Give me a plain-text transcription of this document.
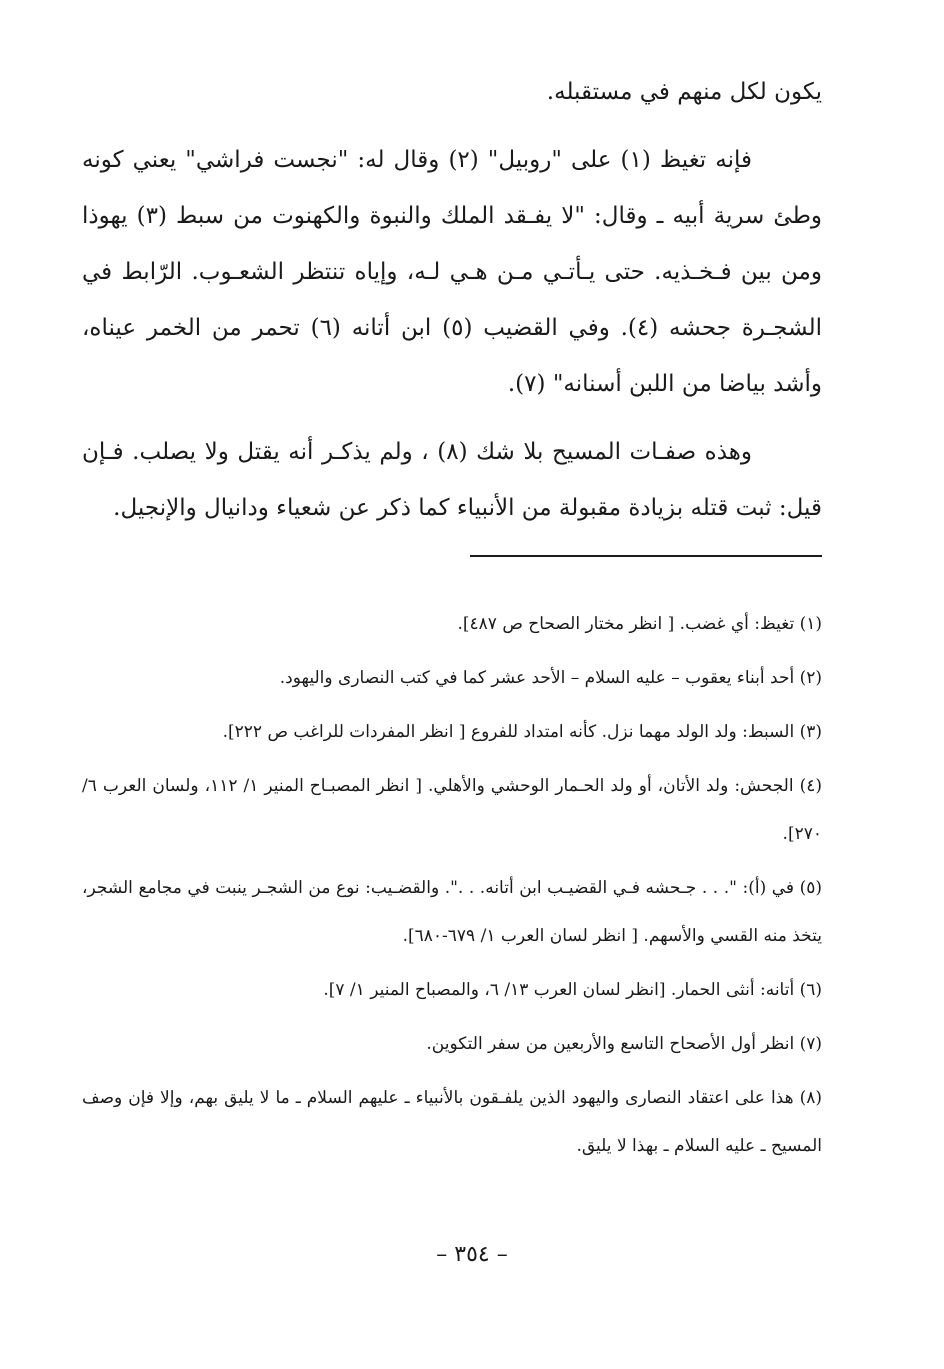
يكون لكل منهم في مستقبله.

فإنه تغيظ (١) على "روبيل" (٢) وقال له: "نجست فراشي" يعني كونه وطئ سرية أبيه ـ وقال: "لا يفـقد الملك والنبوة والكهنوت من سبط (٣) يهوذا ومن بين فـخـذيه. حتى يـأتـي مـن هـي لـه، وإياه تنتظر الشعـوب. الرّابط في الشجـرة جحشه (٤). وفي القضيب (٥) ابن أتانه (٦) تحمر من الخمر عيناه، وأشد بياضا من اللبن أسنانه" (٧).

وهذه صفـات المسيح بلا شك (٨) ، ولم يذكـر أنه يقتل ولا يصلب. فـإن قيل: ثبت قتله بزيادة مقبولة من الأنبياء كما ذكر عن شعياء ودانيال والإنجيل.

(١) تغيظ: أي غضب. [ انظر مختار الصحاح ص ٤٨٧].

(٢) أحد أبناء يعقوب – عليه السلام – الأحد عشر كما في كتب النصارى واليهود.

(٣) السبط: ولد الولد مهما نزل. كأنه امتداد للفروع [ انظر المفردات للراغب ص ٢٢٢].

(٤) الجحش: ولد الأتان، أو ولد الحـمار الوحشي والأهلي. [ انظر المصبـاح المنير ١/ ١١٢، ولسان العرب ٦/ ٢٧٠].

(٥) في (أ): ". . . جـحشه فـي القضيـب ابن أتانه. . .". والقضـيب: نوع من الشجـر ينبت في مجامع الشجر، يتخذ منه القسي والأسهم. [ انظر لسان العرب ١/ ٦٧٩-٦٨٠].

(٦) أتانه: أنثى الحمار. [انظر لسان العرب ١٣/ ٦، والمصباح المنير ١/ ٧].

(٧) انظر أول الأصحاح التاسع والأربعين من سفر التكوين.

(٨) هذا على اعتقاد النصارى واليهود الذين يلفـقون بالأنبياء ـ عليهم السلام ـ ما لا يليق بهم، وإلا فإن وصف المسيح ـ عليه السلام ـ بهذا لا يليق.

– ٣٥٤ –
